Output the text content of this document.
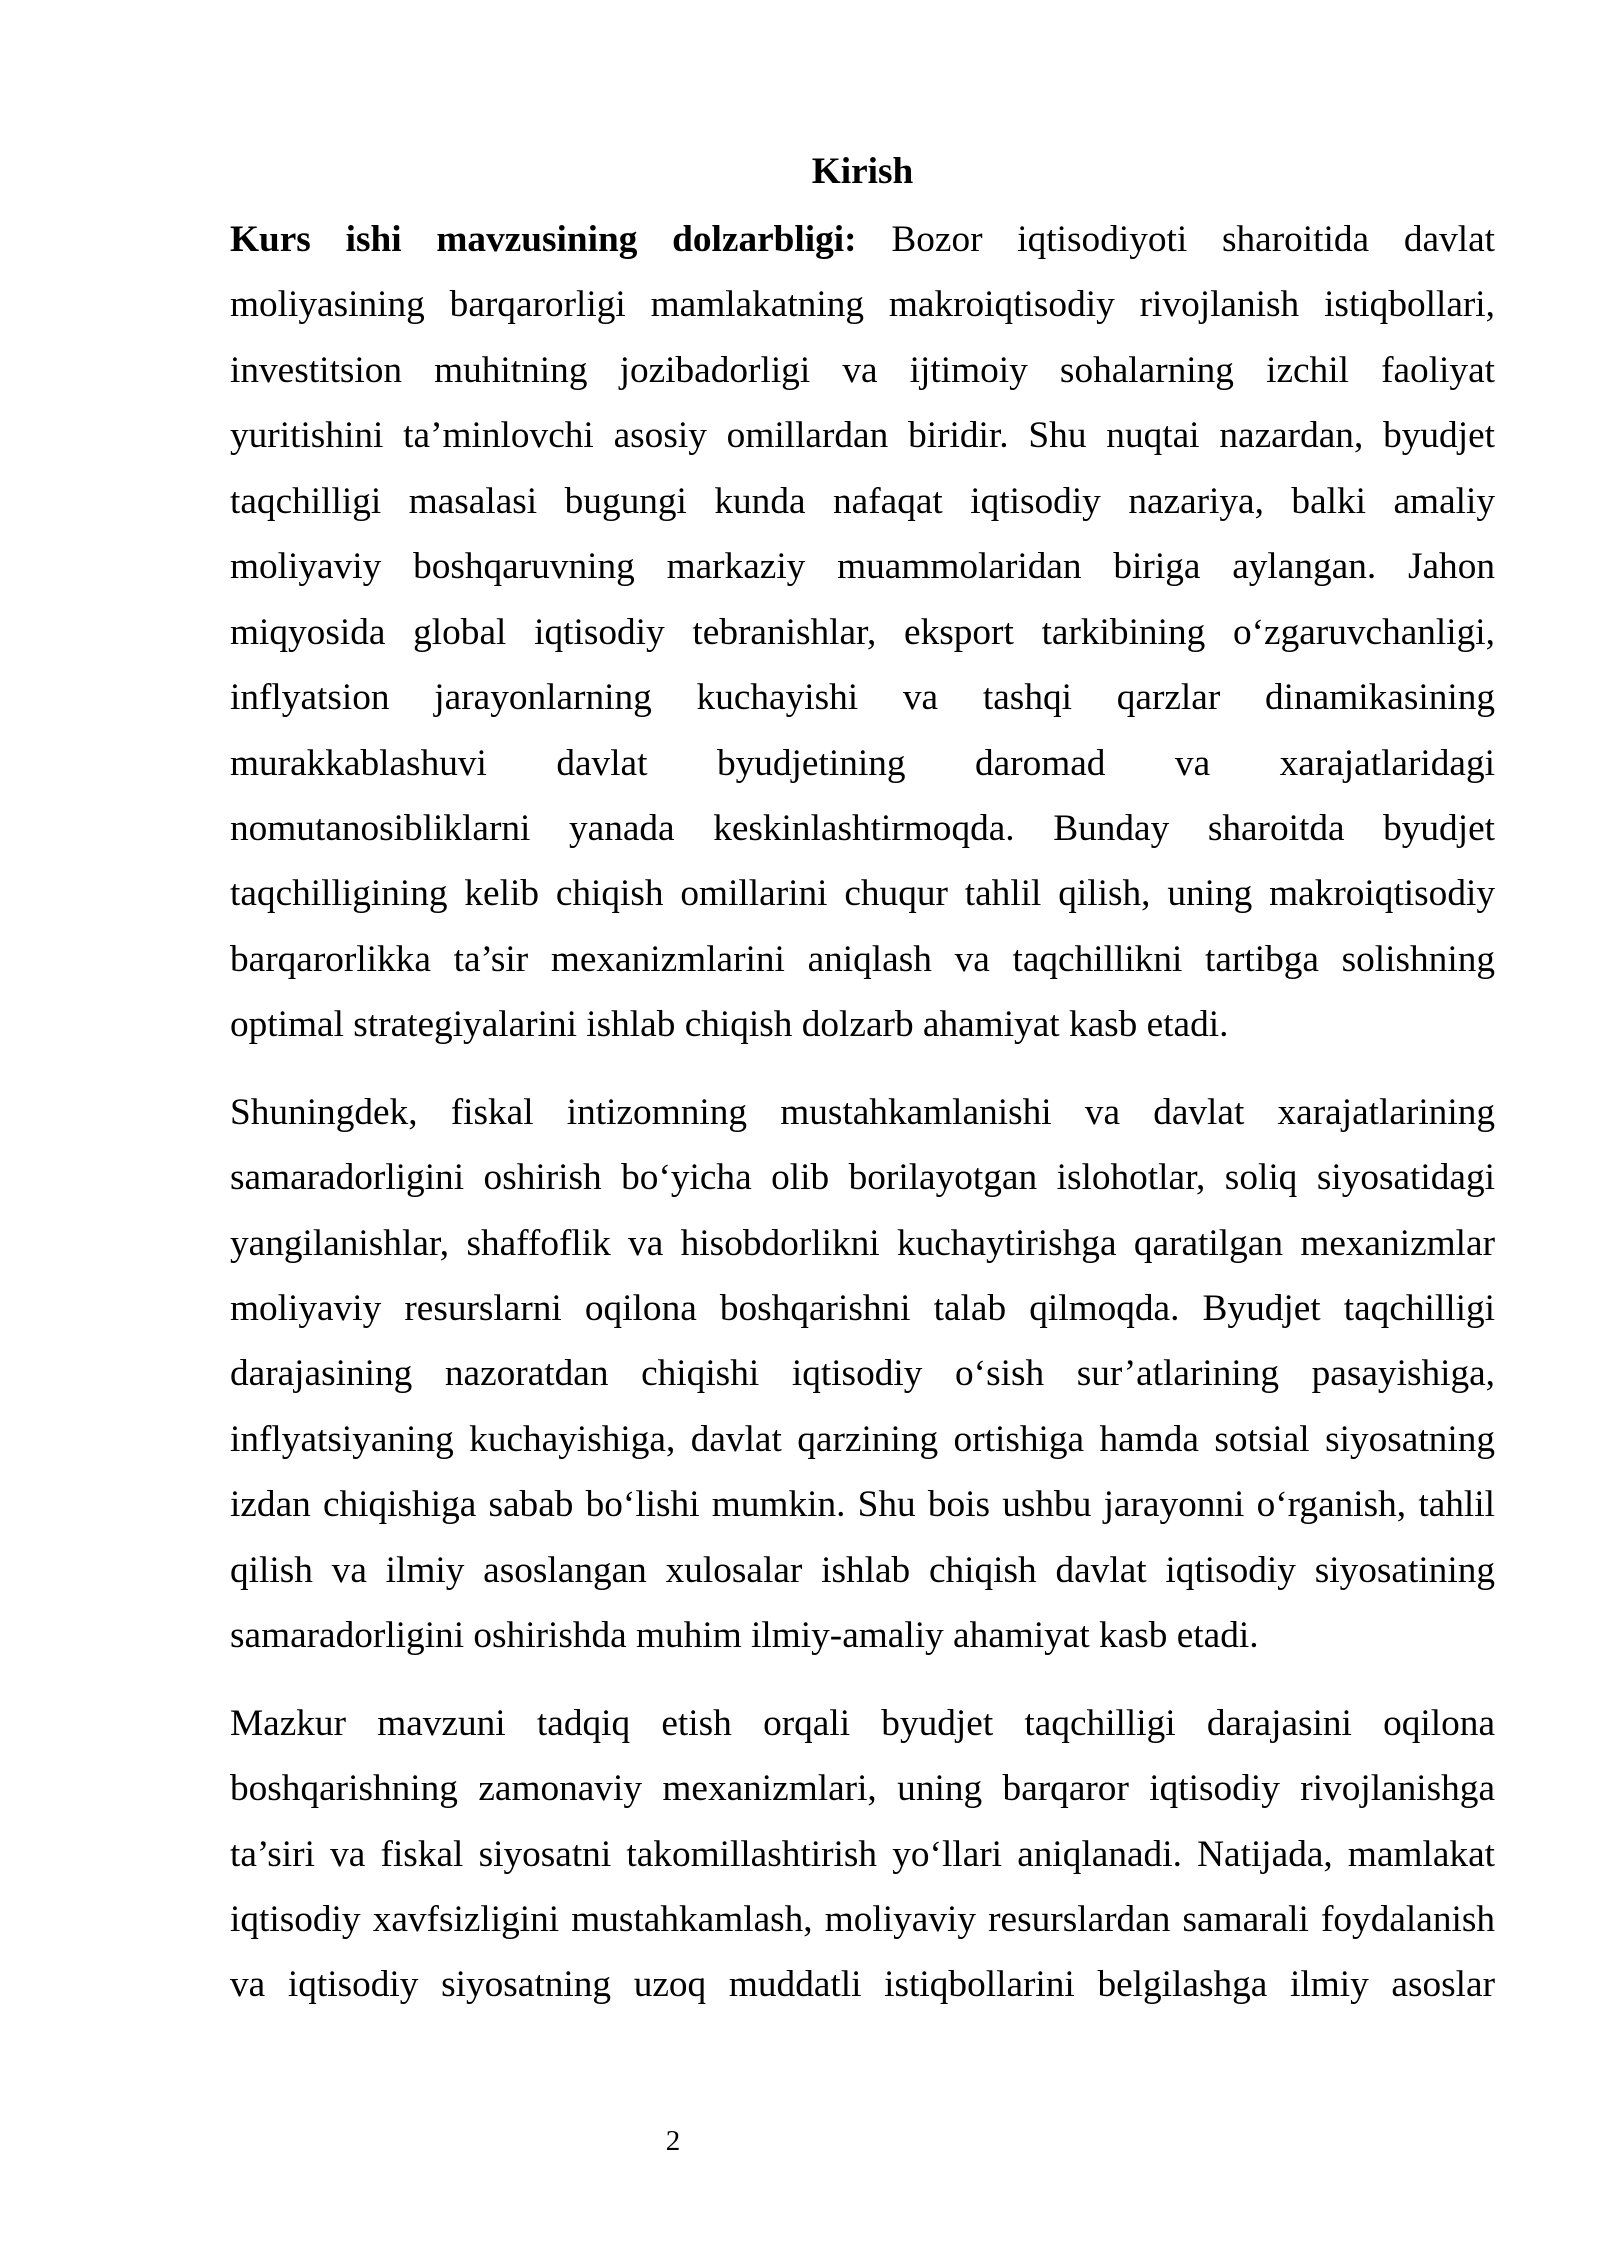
Kirish
Kurs ishi mavzusining dolzarbligi: Bozor iqtisodiyoti sharoitida davlat
moliyasining barqarorligi mamlakatning makroiqtisodiy rivojlanish istiqbollari,
investitsion muhitning jozibadorligi va ijtimoiy sohalarning izchil faoliyat
yuritishini ta’minlovchi asosiy omillardan biridir. Shu nuqtai nazardan, byudjet
taqchilligi masalasi bugungi kunda nafaqat iqtisodiy nazariya, balki amaliy
moliyaviy boshqaruvning markaziy muammolaridan biriga aylangan. Jahon
miqyosida global iqtisodiy tebranishlar, eksport tarkibining o‘zgaruvchanligi,
inflyatsion jarayonlarning kuchayishi va tashqi qarzlar dinamikasining
murakkablashuvi davlat byudjetining daromad va xarajatlaridagi
nomutanosibliklarni yanada keskinlashtirmoqda. Bunday sharoitda byudjet
taqchilligining kelib chiqish omillarini chuqur tahlil qilish, uning makroiqtisodiy
barqarorlikka ta’sir mexanizmlarini aniqlash va taqchillikni tartibga solishning
optimal strategiyalarini ishlab chiqish dolzarb ahamiyat kasb etadi.
Shuningdek, fiskal intizomning mustahkamlanishi va davlat xarajatlarining
samaradorligini oshirish bo‘yicha olib borilayotgan islohotlar, soliq siyosatidagi
yangilanishlar, shaffoflik va hisobdorlikni kuchaytirishga qaratilgan mexanizmlar
moliyaviy resurslarni oqilona boshqarishni talab qilmoqda. Byudjet taqchilligi
darajasining nazoratdan chiqishi iqtisodiy o‘sish sur’atlarining pasayishiga,
inflyatsiyaning kuchayishiga, davlat qarzining ortishiga hamda sotsial siyosatning
izdan chiqishiga sabab bo‘lishi mumkin. Shu bois ushbu jarayonni o‘rganish, tahlil
qilish va ilmiy asoslangan xulosalar ishlab chiqish davlat iqtisodiy siyosatining
samaradorligini oshirishda muhim ilmiy-amaliy ahamiyat kasb etadi.
Mazkur mavzuni tadqiq etish orqali byudjet taqchilligi darajasini oqilona
boshqarishning zamonaviy mexanizmlari, uning barqaror iqtisodiy rivojlanishga
ta’siri va fiskal siyosatni takomillashtirish yo‘llari aniqlanadi. Natijada, mamlakat
iqtisodiy xavfsizligini mustahkamlash, moliyaviy resurslardan samarali foydalanish
va iqtisodiy siyosatning uzoq muddatli istiqbollarini belgilashga ilmiy asoslar
2
